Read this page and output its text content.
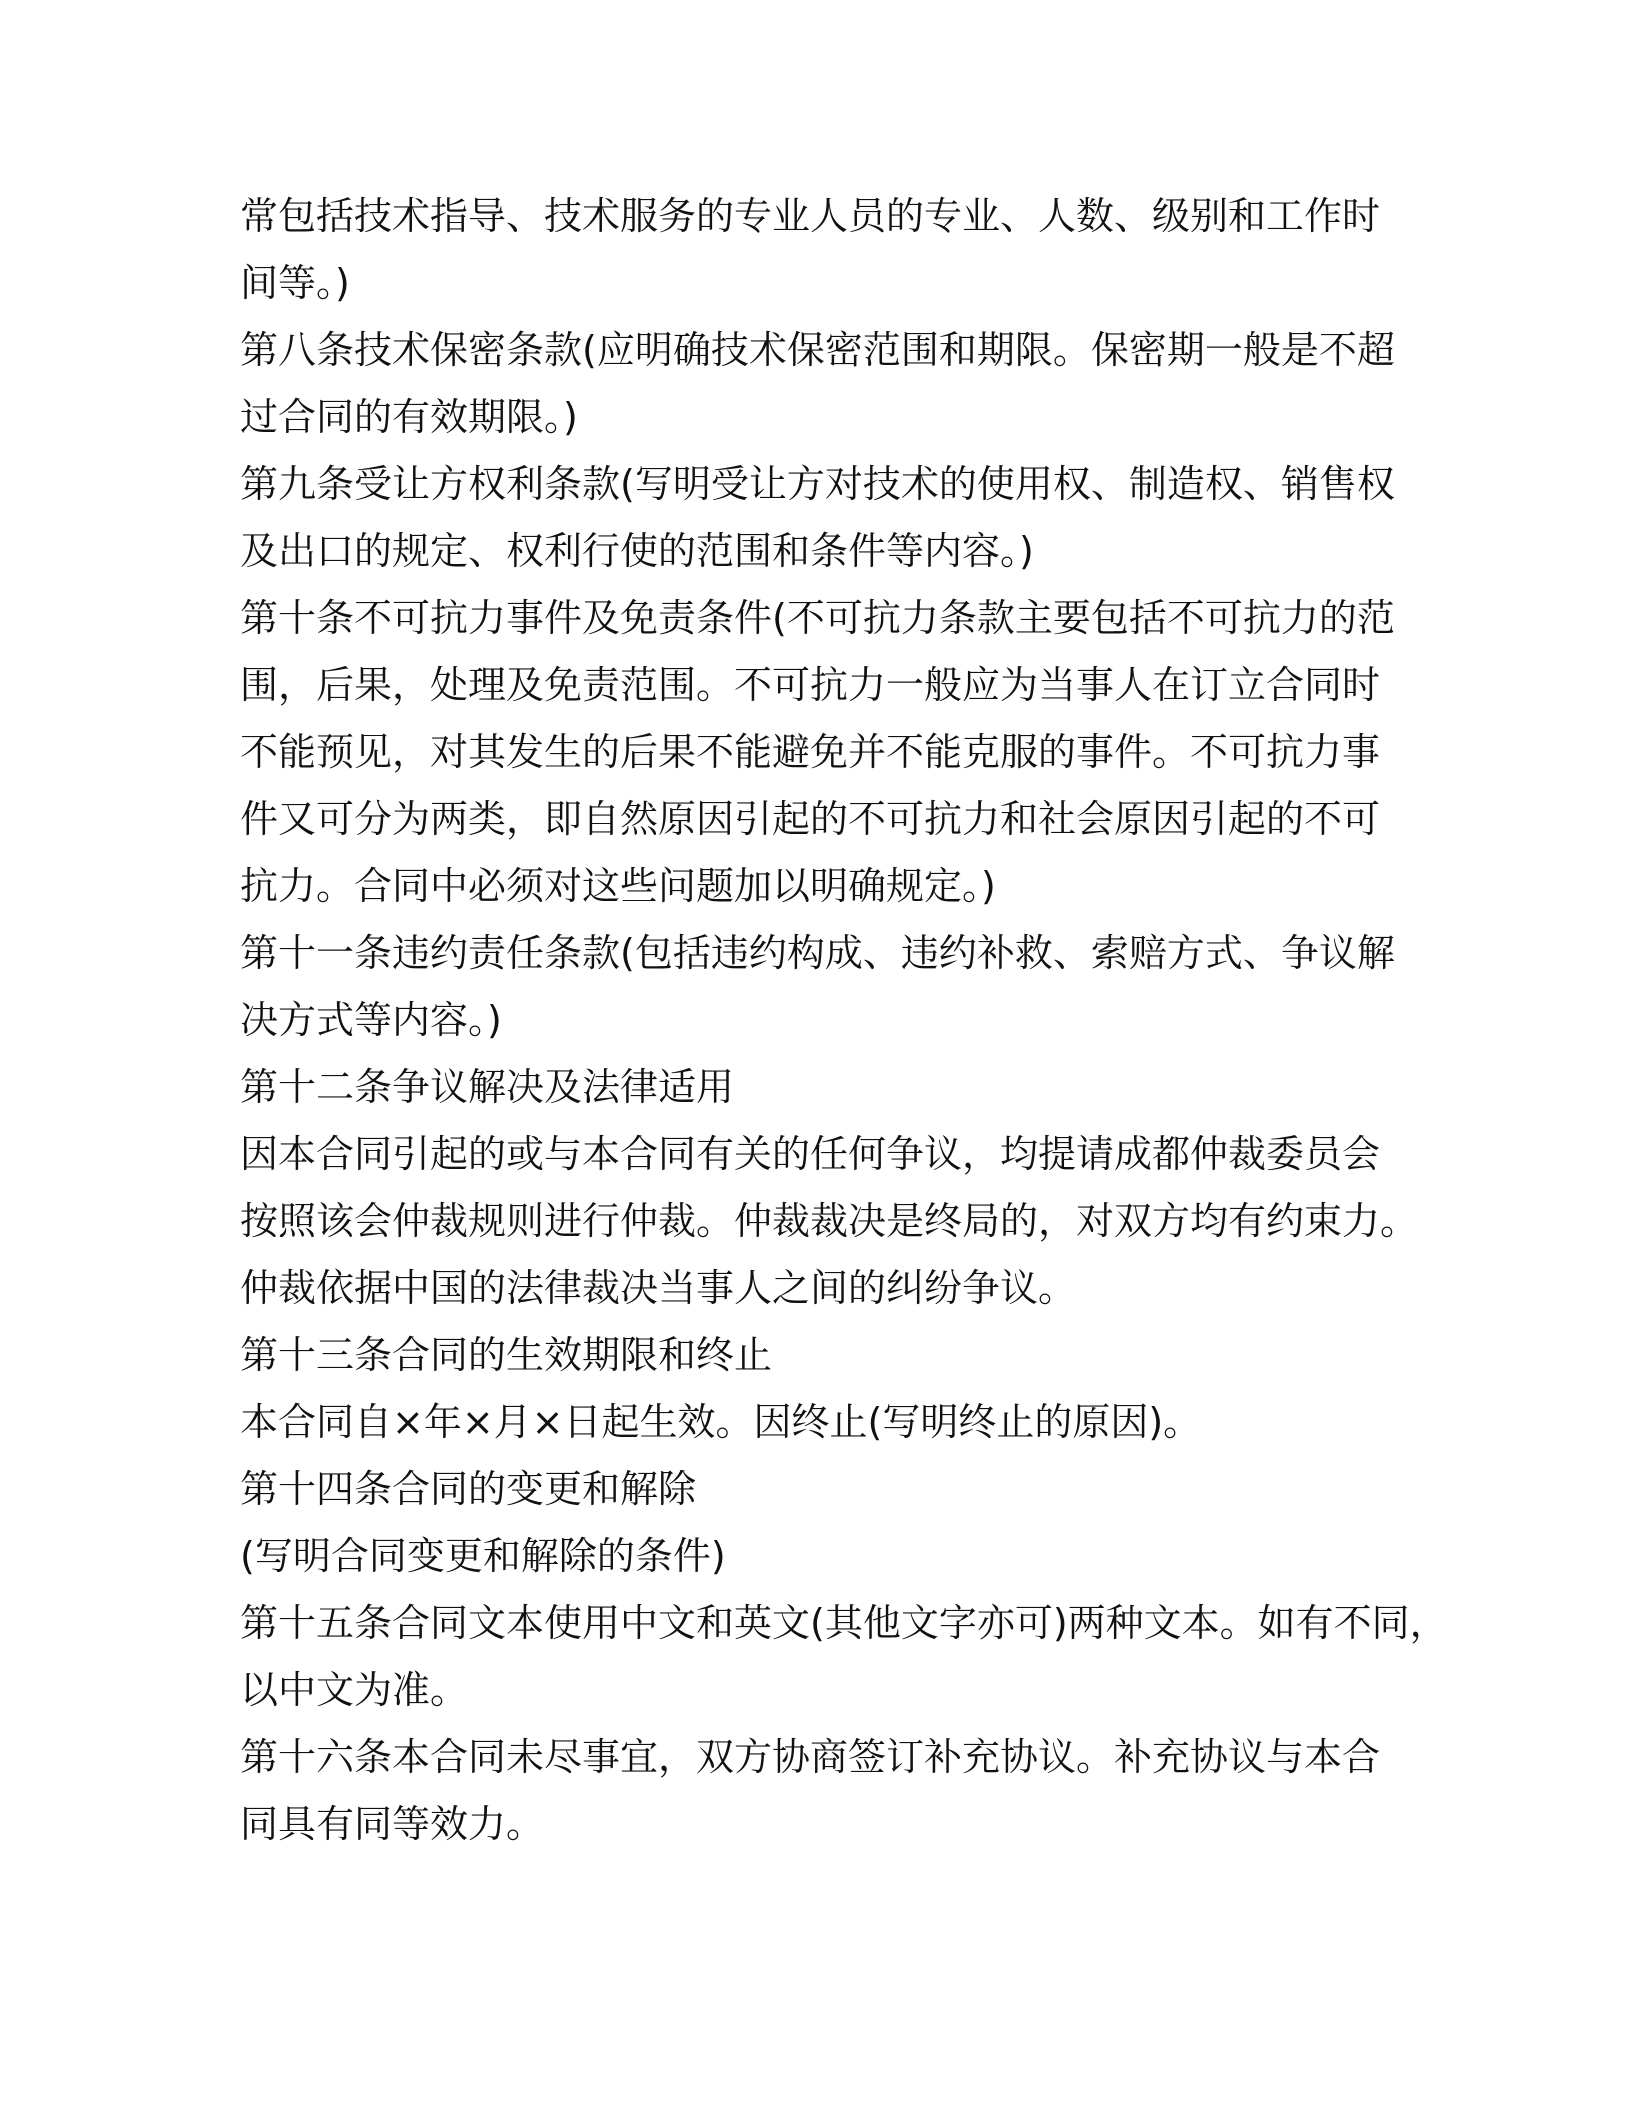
常包括技术指导、技术服务的专业人员的专业、人数、级别和工作时
间等。)
第八条技术保密条款(应明确技术保密范围和期限。保密期一般是不超
过合同的有效期限。)
第九条受让方权利条款(写明受让方对技术的使用权、制造权、销售权
及出口的规定、权利行使的范围和条件等内容。)
第十条不可抗力事件及免责条件(不可抗力条款主要包括不可抗力的范
围，后果，处理及免责范围。不可抗力一般应为当事人在订立合同时
不能预见，对其发生的后果不能避免并不能克服的事件。不可抗力事
件又可分为两类，即自然原因引起的不可抗力和社会原因引起的不可
抗力。合同中必须对这些问题加以明确规定。)
第十一条违约责任条款(包括违约构成、违约补救、索赔方式、争议解
决方式等内容。)
第十二条争议解决及法律适用
因本合同引起的或与本合同有关的任何争议，均提请成都仲裁委员会
按照该会仲裁规则进行仲裁。仲裁裁决是终局的，对双方均有约束力。
仲裁依据中国的法律裁决当事人之间的纠纷争议。
第十三条合同的生效期限和终止
本合同自×年×月×日起生效。因终止(写明终止的原因)。
第十四条合同的变更和解除
(写明合同变更和解除的条件)
第十五条合同文本使用中文和英文(其他文字亦可)两种文本。如有不同，
以中文为准。
第十六条本合同未尽事宜，双方协商签订补充协议。补充协议与本合
同具有同等效力。
